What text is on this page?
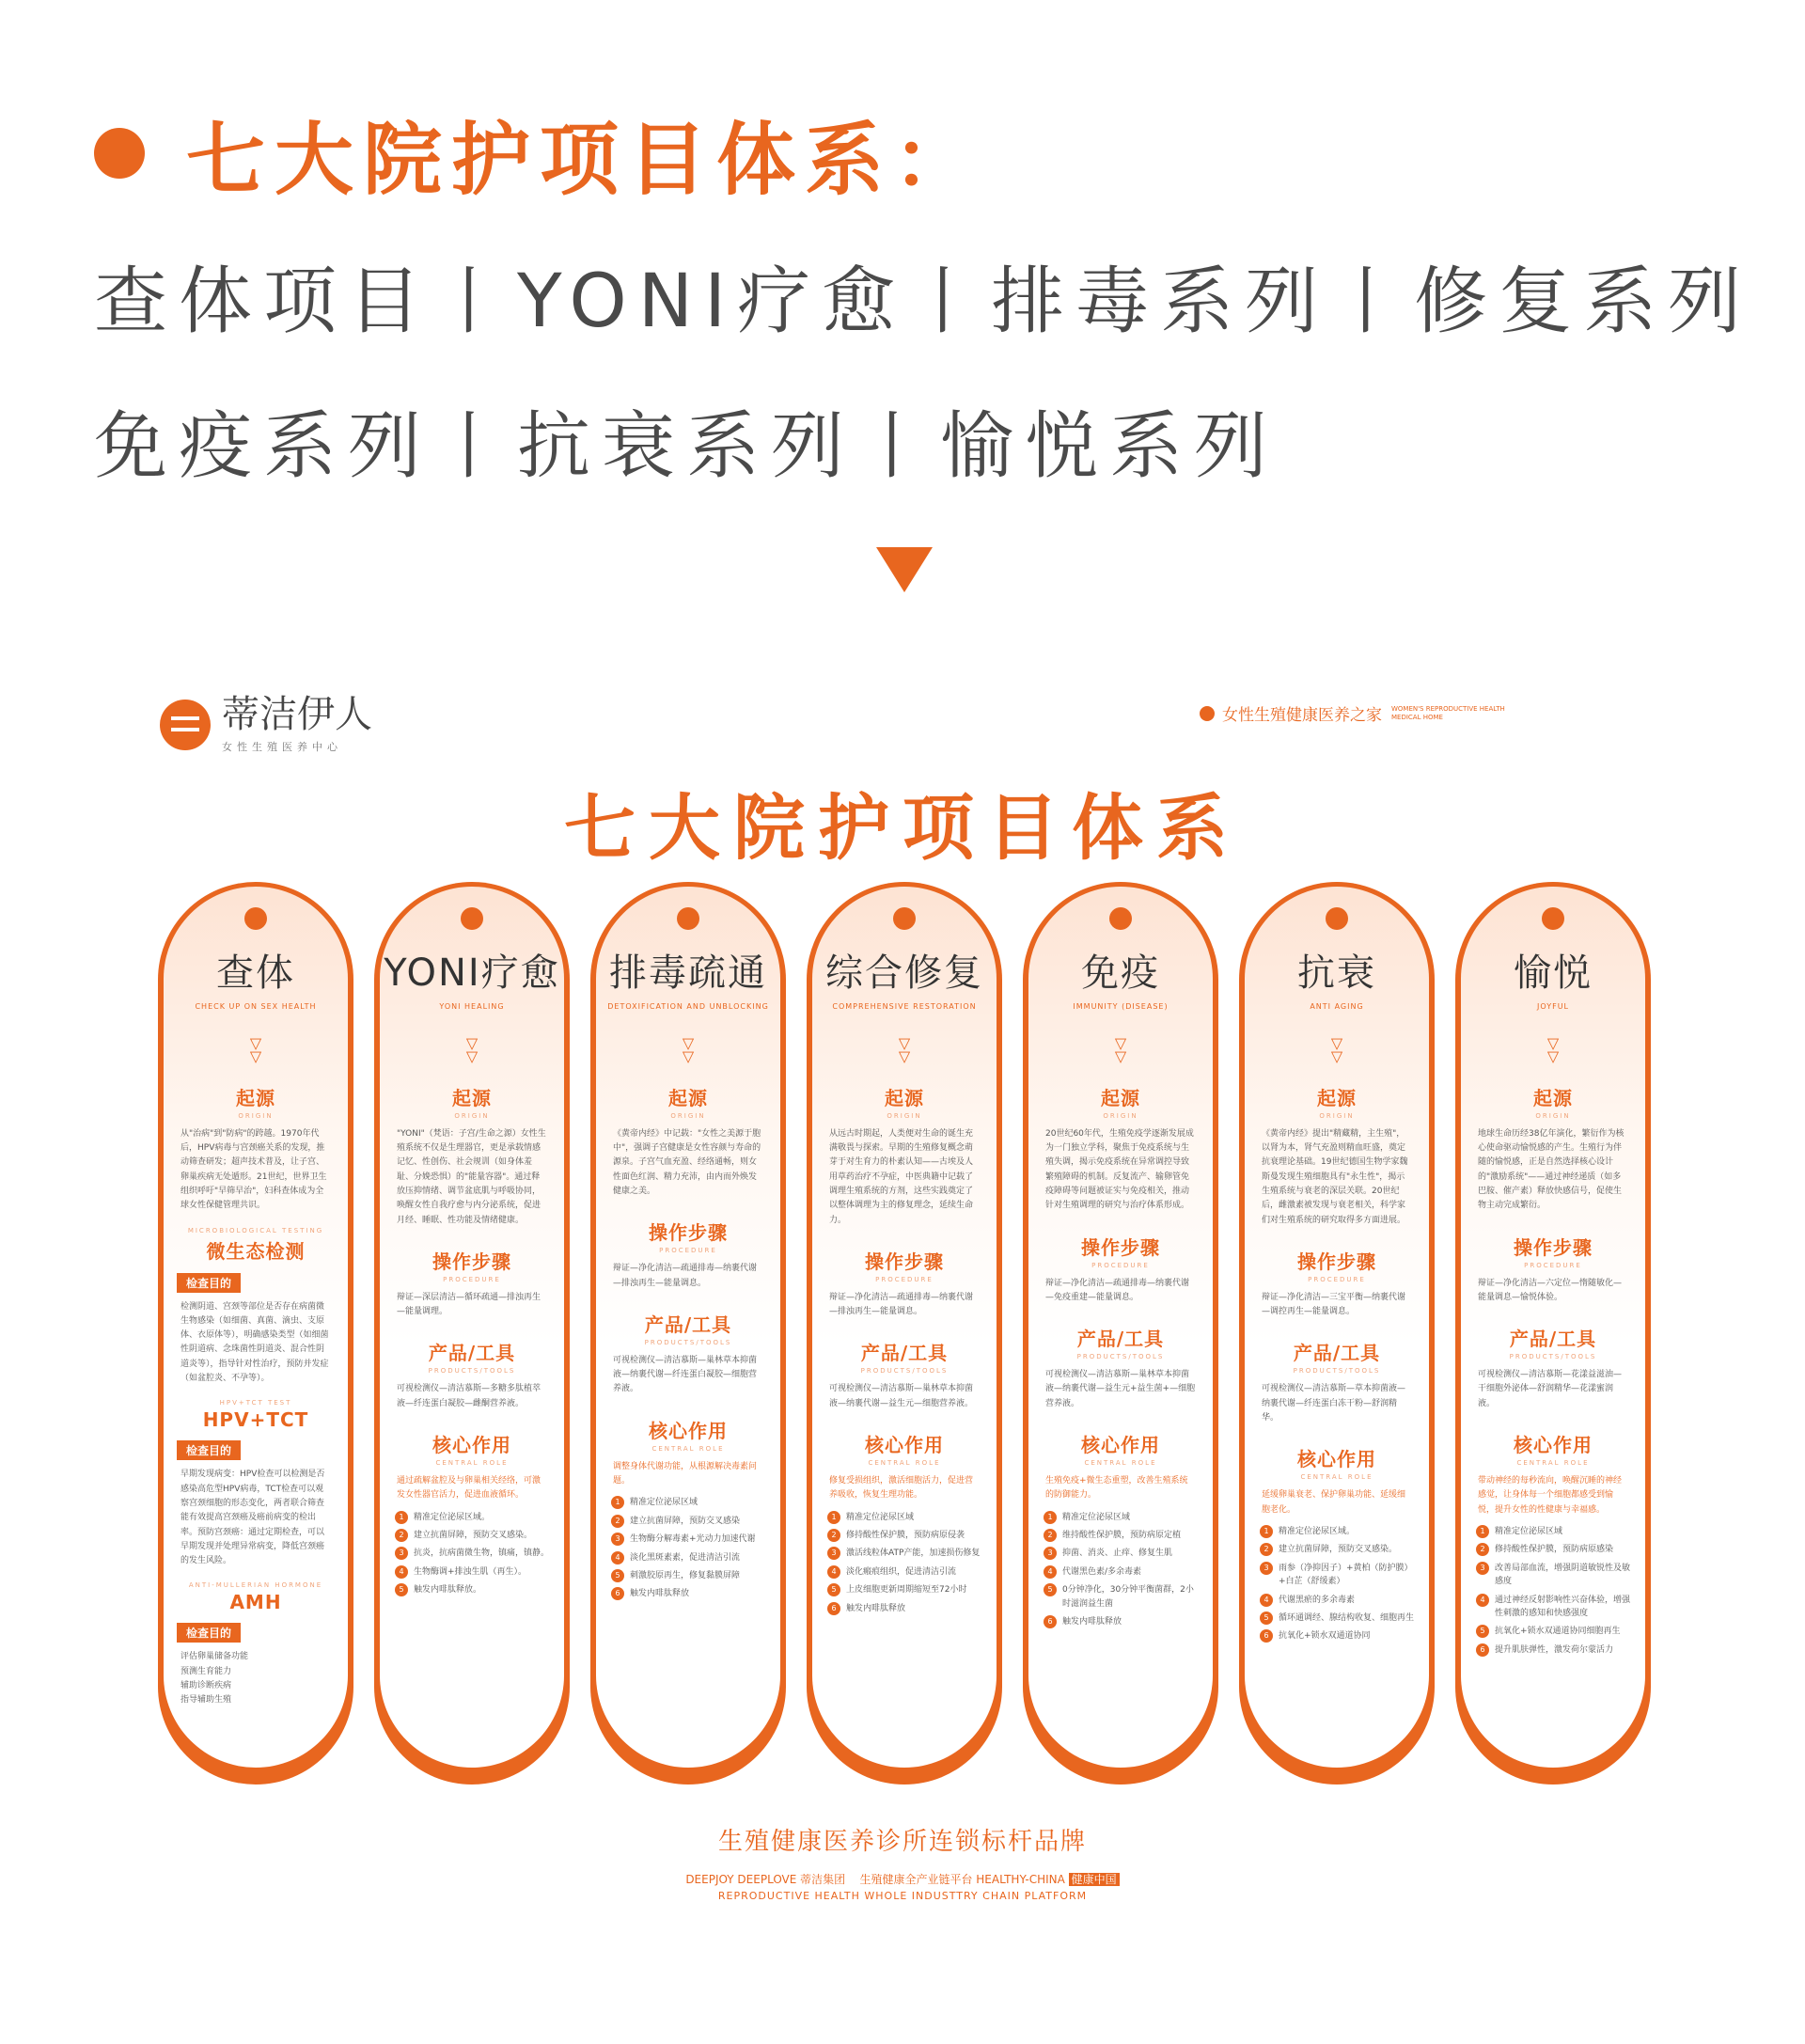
七大院护项目体系：
查体项目丨YONI疗愈丨排毒系列丨修复系列
免疫系列丨抗衰系列丨愉悦系列
蒂洁伊人
女性生殖医养中心
女性生殖健康医养之家 WOMEN'S REPRODUCTIVE HEALTH MEDICAL HOME
七大院护项目体系
查体
CHECK UP ON SEX HEALTH
▽
▽
起源
ORIGIN
从"治病"到"防病"的跨越。1970年代后，HPV病毒与宫颈癌关系的发现，推动筛查研发；超声技术普及，让子宫、卵巢疾病无处遁形。21世纪，世界卫生组织呼吁"早筛早治"，妇科查体成为全球女性保健管理共识。
MICROBIOLOGICAL TESTING
微生态检测
检查目的
检测阴道、宫颈等部位是否存在病菌微生物感染（如细菌、真菌、滴虫、支原体、衣原体等），明确感染类型（如细菌性阴道病、念珠菌性阴道炎、混合性阴道炎等），指导针对性治疗，预防并发症（如盆腔炎、不孕等）。
HPV+TCT TEST
HPV+TCT
检查目的
早期发现病变：HPV检查可以检测是否感染高危型HPV病毒，TCT检查可以观察宫颈细胞的形态变化，两者联合筛查能有效提高宫颈癌及癌前病变的检出率。预防宫颈癌：通过定期检查，可以早期发现并处理异常病变，降低宫颈癌的发生风险。
ANTI-MULLERIAN HORMONE
AMH
检查目的
评估卵巢储备功能
预测生育能力
辅助诊断疾病
指导辅助生殖
YONI疗愈
YONI HEALING
▽
▽
起源
ORIGIN
"YONI"（梵语：子宫/生命之源）女性生殖系统不仅是生理器官，更是承载情感记忆、性创伤、社会规训（如身体羞耻、分娩恐惧）的"能量容器"。通过释放压抑情绪、调节盆底肌与呼吸协同，唤醒女性自我疗愈与内分泌系统，促进月经、睡眠、性功能及情绪健康。
操作步骤
PROCEDURE
辩证—深层清洁—循环疏通—排浊再生—能量调理。
产品/工具
PRODUCTS/TOOLS
可视检测仪—清洁慕斯—多糖多肽植萃液—纤连蛋白凝胶—雌酮营养液。
核心作用
CENTRAL ROLE
通过疏解盆腔及与卵巢相关经络，可激发女性器官活力，促进血液循环。
1	精准定位泌尿区域。
2	建立抗菌屏障，预防交叉感染。
3	抗炎，抗病菌微生物，镇痛，镇静。
4	生物酶调+排浊生肌（再生）。
5	触发内啡肽释放。
排毒疏通
DETOXIFICATION AND UNBLOCKING
▽
▽
起源
ORIGIN
《黄帝内经》中记载："女性之美源于胞中"，强调子宫健康是女性容颜与寿命的源泉。子宫气血充盈、经络通畅，则女性面色红润、精力充沛，由内而外焕发健康之美。
操作步骤
PROCEDURE
辩证—净化清洁—疏通排毒—纳裹代谢—排浊再生—能量调息。
产品/工具
PRODUCTS/TOOLS
可视检测仪—清洁慕斯—巢林草本抑菌液—纳裹代谢—纤连蛋白凝胶—细胞营养液。
核心作用
CENTRAL ROLE
调整身体代谢功能，从根源解决毒素问题。
1	精准定位泌尿区域
2	建立抗菌屏障，预防交叉感染
3	生物酶分解毒素+光动力加速代谢
4	淡化黑斑素素，促进清洁引流
5	刺激胶原再生，修复黏膜屏障
6	触发内啡肽释放
综合修复
COMPREHENSIVE RESTORATION
▽
▽
起源
ORIGIN
从远古时期起，人类便对生命的诞生充满敬畏与探索。早期的生殖修复概念萌芽于对生育力的朴素认知——古埃及人用草药治疗不孕症，中医典籍中记载了调理生殖系统的方剂，这些实践奠定了以整体调理为主的修复理念，延续生命力。
操作步骤
PROCEDURE
辩证—净化清洁—疏通排毒—纳裹代谢—排浊再生—能量调息。
产品/工具
PRODUCTS/TOOLS
可视检测仪—清洁慕斯—巢林草本抑菌液—纳裹代谢—益生元—细胞营养液。
核心作用
CENTRAL ROLE
修复受损组织，激活细胞活力，促进营养吸收，恢复生理功能。
1	精准定位泌尿区域
2	修持酸性保护膜，预防病原侵袭
3	激活线粒体ATP产能，加速损伤修复
4	淡化瘢痕组织，促进清洁引流
5	上皮细胞更新周期缩短至72小时
6	触发内啡肽释放
免疫
IMMUNITY (DISEASE)
▽
▽
起源
ORIGIN
20世纪60年代，生殖免疫学逐渐发展成为一门独立学科，聚焦于免疫系统与生殖失调，揭示免疫系统在异常调控导致繁殖障碍的机制。反复流产、输卵管免疫障碍等问题被证实与免疫相关，推动针对生殖调理的研究与治疗体系形成。
操作步骤
PROCEDURE
辩证—净化清洁—疏通排毒—纳裹代谢—免疫重建—能量调息。
产品/工具
PRODUCTS/TOOLS
可视检测仪—清洁慕斯—巢林草本抑菌液—纳裹代谢—益生元+益生菌+—细胞营养液。
核心作用
CENTRAL ROLE
生殖免疫+微生态重塑，改善生殖系统的防御能力。
1	精准定位泌尿区域
2	维持酸性保护膜，预防病原定植
3	抑菌、消炎、止痒、修复生肌
4	代谢黑色素/多余毒素
5	0分钟净化，30分钟平衡菌群，2小时滋润益生菌
6	触发内啡肽释放
抗衰
ANTI AGING
▽
▽
起源
ORIGIN
《黄帝内经》提出"精藏精，主生殖"，以肾为本，肾气充盈则精血旺盛，奠定抗衰理论基础。19世纪德国生物学家魏斯曼发现生殖细胞具有"永生性"，揭示生殖系统与衰老的深层关联。20世纪后，雌激素被发现与衰老相关，科学家们对生殖系统的研究取得多方面进展。
操作步骤
PROCEDURE
辩证—净化清洁—三宝平衡—纳裹代谢—调控再生—能量调息。
产品/工具
PRODUCTS/TOOLS
可视检测仪—清洁慕斯—草本抑菌液—纳裹代谢—纤连蛋白冻干粉—舒润精华。
核心作用
CENTRAL ROLE
延缓卵巢衰老、保护卵巢功能、延缓细胞老化。
1	精准定位泌尿区域。
2	建立抗菌屏障，预防交叉感染。
3	雨参（净抑因子）+黄柏（防护膜）+白芷（舒缓素）
4	代谢黑瘀的多余毒素
5	循环通调经、腺结构收复、细胞再生
6	抗氧化+锁水双通道协同
愉悦
JOYFUL
▽
▽
起源
ORIGIN
地球生命历经38亿年演化，繁衍作为核心使命驱动愉悦感的产生。生殖行为伴随的愉悦感，正是自然选择核心设计的"激励系统"——通过神经递质（如多巴胺、催产素）释放快感信号，促使生物主动完成繁衍。
操作步骤
PROCEDURE
辩证—净化清洁—六定位—惰随敏化—能量调息—愉悦体验。
产品/工具
PRODUCTS/TOOLS
可视检测仪—清洁慕斯—花漾益滋油—干细胞外泌体—舒润精华—花漾蜜润液。
核心作用
CENTRAL ROLE
带动神经的每秒流向，唤醒沉睡的神经感觉，让身体每一个细胞都感受到愉悦，提升女性的性健康与幸福感。
1	精准定位泌尿区域
2	修持酸性保护膜，预防病原感染
3	改善局部血流，增强阴道敏锐性及敏感度
4	通过神经反射影响性兴奋体验，增强性刺激的感知和快感强度
5	抗氧化+锁水双通道协同细胞再生
6	提升肌肤弹性，激发荷尔蒙活力
生殖健康医养诊所连锁标杆品牌
DEEPJOY DEEPLOVE 蒂洁集团 生殖健康全产业链平台 HEALTHY-CHINA 健康中国
REPRODUCTIVE HEALTH WHOLE INDUSTTRY CHAIN PLATFORM
